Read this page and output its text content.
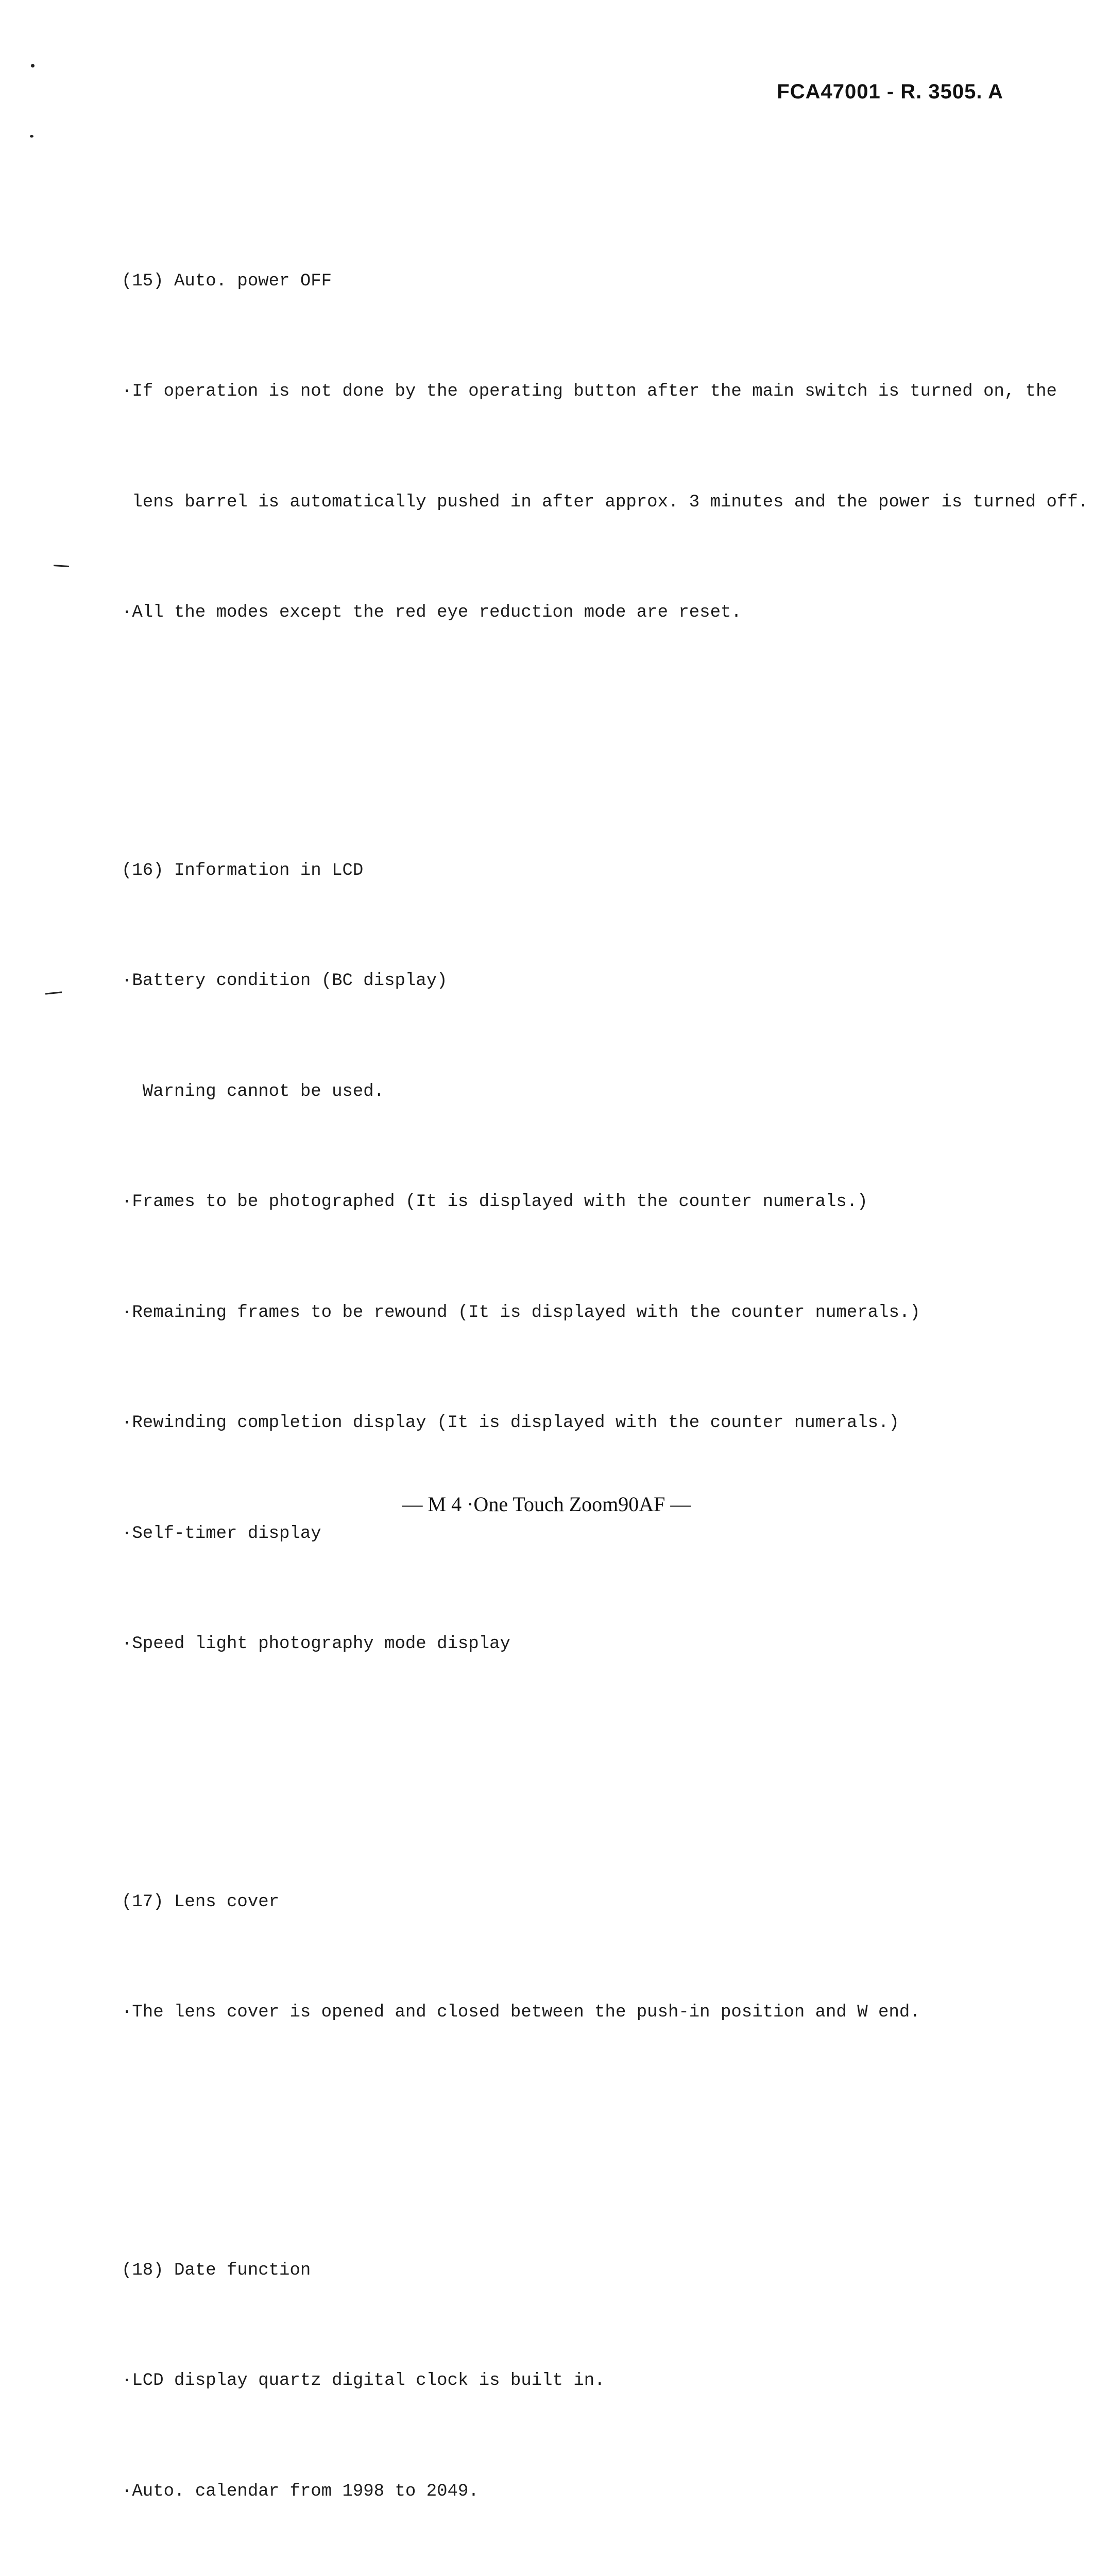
FCA47001 - R. 3505. A

(15) Auto. power OFF

·If operation is not done by the operating button after the main switch is turned on, the

lens barrel is automatically pushed in after approx. 3 minutes and the power is turned off.

·All the modes except the red eye reduction mode are reset.

(16) Information in LCD

·Battery condition (BC display)

Warning cannot be used.

·Frames to be photographed (It is displayed with the counter numerals.)

·Remaining frames to be rewound (It is displayed with the counter numerals.)

·Rewinding completion display (It is displayed with the counter numerals.)

·Self-timer display

·Speed light photography mode display

(17) Lens cover

·The lens cover is opened and closed between the push-in position and W end.

(18) Date function

·LCD display quartz digital clock is built in.

·Auto. calendar from 1998 to 2049.

— M 4 ·One Touch Zoom90AF —
